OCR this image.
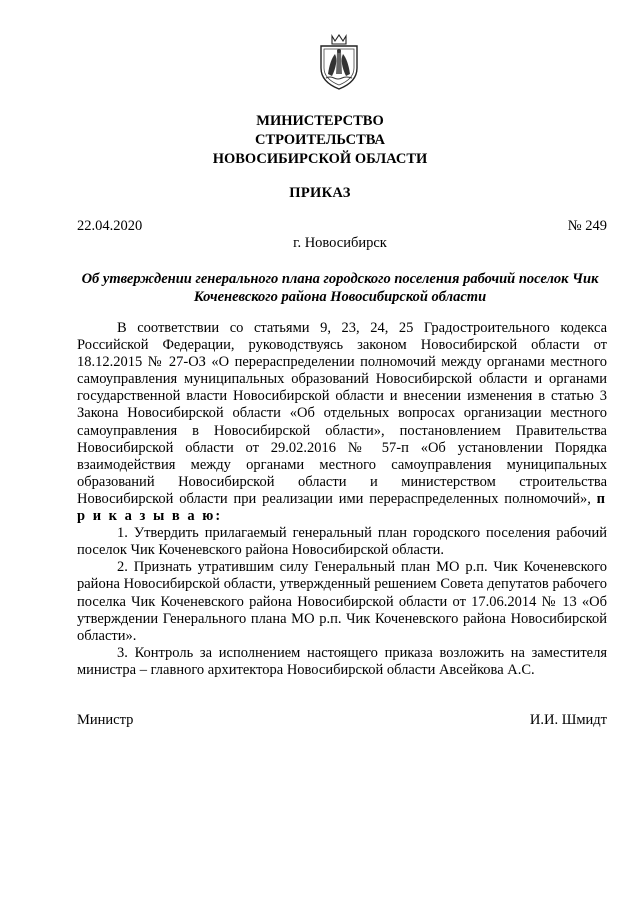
МИНИСТЕРСТВО
СТРОИТЕЛЬСТВА
НОВОСИБИРСКОЙ ОБЛАСТИ
ПРИКАЗ
22.04.2020	№ 249
г. Новосибирск
Об утверждении генерального плана городского поселения рабочий поселок Чик Коченевского района Новосибирской области

В соответствии со статьями 9, 23, 24, 25 Градостроительного кодекса Российской Федерации, руководствуясь законом Новосибирской области от 18.12.2015 № 27-ОЗ «О перераспределении полномочий между органами местного самоуправления муниципальных образований Новосибирской области и органами государственной власти Новосибирской области и внесении изменения в статью 3 Закона Новосибирской области «Об отдельных вопросах организации местного самоуправления в Новосибирской области», постановлением Правительства Новосибирской области от 29.02.2016 № 57-п «Об установлении Порядка взаимодействия между органами местного самоуправления муниципальных образований Новосибирской области и министерством строительства Новосибирской области при реализации ими перераспределенных полномочий», п р и к а з ы в а ю:

1. Утвердить прилагаемый генеральный план городского поселения рабочий поселок Чик Коченевского района Новосибирской области.

2. Признать утратившим силу Генеральный план МО р.п. Чик Коченевского района Новосибирской области, утвержденный решением Совета депутатов рабочего поселка Чик Коченевского района Новосибирской области от 17.06.2014 № 13 «Об утверждении Генерального плана МО р.п. Чик Коченевского района Новосибирской области».

3. Контроль за исполнением настоящего приказа возложить на заместителя министра – главного архитектора Новосибирской области Авсейкова А.С.

Министр	И.И. Шмидт
